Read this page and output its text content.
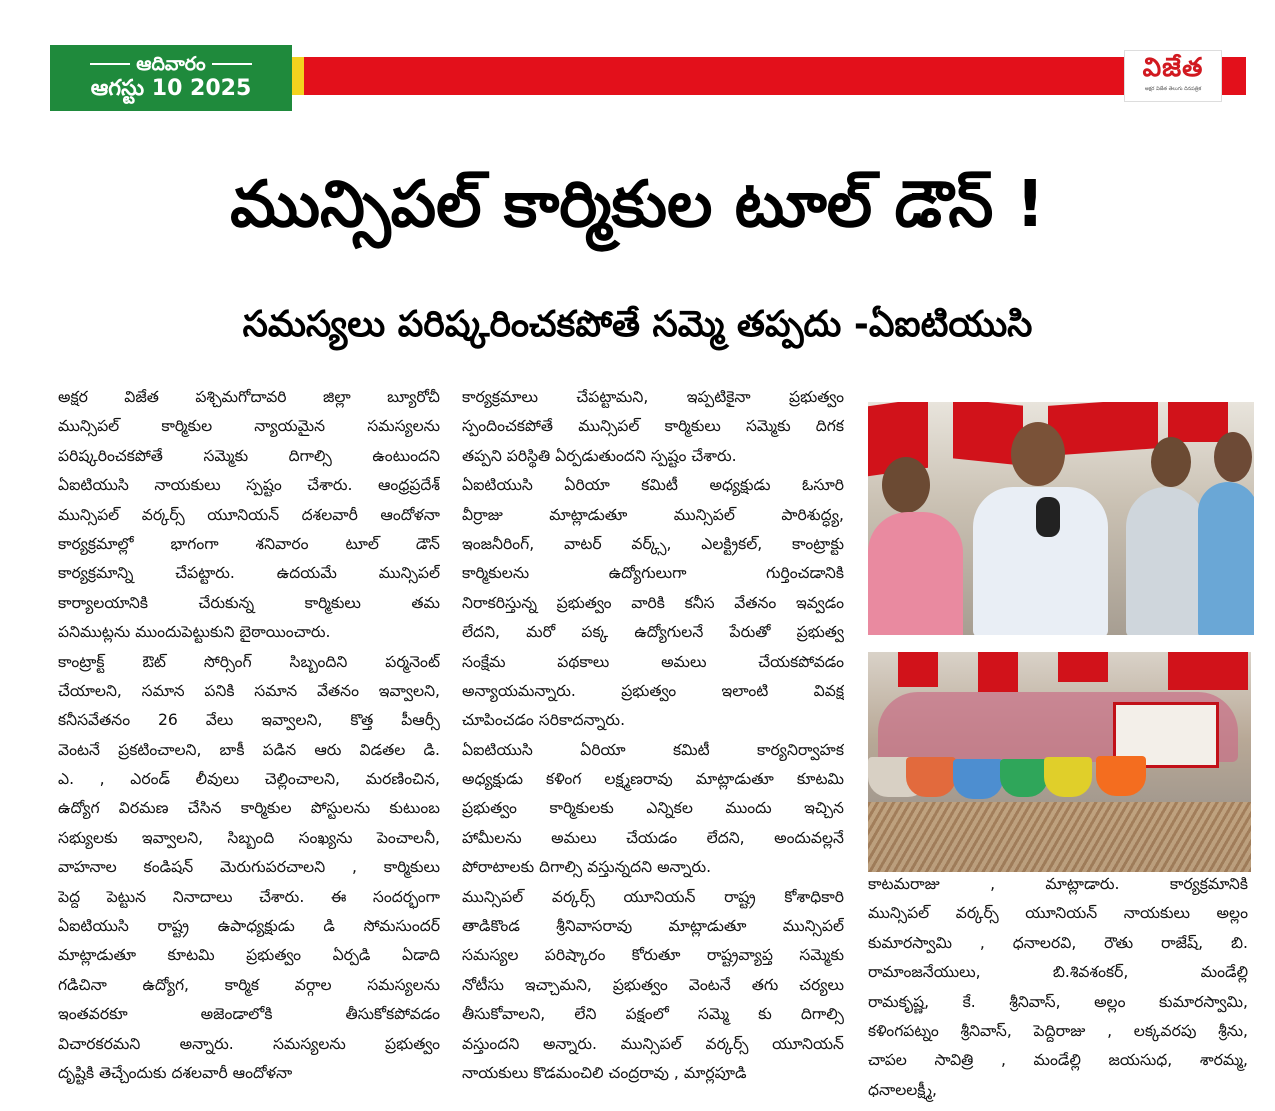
ఆదివారం
ఆగస్టు 10 2025
విజేత
అక్షర విజేత తెలుగు దినపత్రిక
మున్సిపల్ కార్మికుల టూల్ డౌన్ !
సమస్యలు పరిష్కరించకపోతే సమ్మె తప్పదు -ఏఐటియుసి
అక్షర విజేత పశ్చిమగోదావరి జిల్లా బ్యూరోచీ
మున్సిపల్ కార్మికుల న్యాయమైన సమస్యలను
పరిష్కరించకపోతే సమ్మెకు దిగాల్సి ఉంటుందని
ఏఐటియుసి నాయకులు స్పష్టం చేశారు. ఆంధ్రప్రదేశ్
మున్సిపల్ వర్కర్స్ యూనియన్ దశలవారీ ఆందోళనా
కార్యక్రమాల్లో భాగంగా శనివారం టూల్ డౌన్
కార్యక్రమాన్ని చేపట్టారు. ఉదయమే మున్సిపల్
కార్యాలయానికి చేరుకున్న కార్మికులు తమ
పనిముట్లను ముందుపెట్టుకుని బైఠాయించారు.
కాంట్రాక్ట్ ఔట్ సోర్సింగ్ సిబ్బందిని పర్మనెంట్
చేయాలని, సమాన పనికి సమాన వేతనం ఇవ్వాలని,
కనీసవేతనం 26 వేలు ఇవ్వాలని, కొత్త పీఆర్సీ
వెంటనే ప్రకటించాలని, బాకీ పడిన ఆరు విడతల డి.
ఎ. , ఎరండ్ లీవులు చెల్లించాలని, మరణించిన,
ఉద్యోగ విరమణ చేసిన కార్మికుల పోస్టులను కుటుంబ
సభ్యులకు ఇవ్వాలని, సిబ్బంది సంఖ్యను పెంచాలనీ,
వాహనాల కండిషన్ మెరుగుపరచాలని , కార్మికులు
పెద్ద పెట్టున నినాదాలు చేశారు. ఈ సందర్భంగా
ఏఐటియుసి రాష్ట్ర ఉపాధ్యక్షుడు డి సోమసుందర్
మాట్లాడుతూ కూటమి ప్రభుత్వం ఏర్పడి ఏడాది
గడిచినా ఉద్యోగ, కార్మిక వర్గాల సమస్యలను
ఇంతవరకూ అజెండాలోకి తీసుకోకపోవడం
విచారకరమని అన్నారు. సమస్యలను ప్రభుత్వం
దృష్టికి తెచ్చేందుకు దశలవారీ ఆందోళనా
కార్యక్రమాలు చేపట్టామని, ఇప్పటికైనా ప్రభుత్వం
స్పందించకపోతే మున్సిపల్ కార్మికులు సమ్మెకు దిగక
తప్పని పరిస్థితి ఏర్పడుతుందని స్పష్టం చేశారు.
ఏఐటియుసి ఏరియా కమిటీ అధ్యక్షుడు ఓసూరి
వీర్రాజు మాట్లాడుతూ మున్సిపల్ పారిశుద్ధ్య,
ఇంజనీరింగ్, వాటర్ వర్క్స్, ఎలక్ట్రికల్, కాంట్రాక్టు
కార్మికులను ఉద్యోగులుగా గుర్తించడానికి
నిరాకరిస్తున్న ప్రభుత్వం వారికి కనీస వేతనం ఇవ్వడం
లేదని, మరో పక్క ఉద్యోగులనే పేరుతో ప్రభుత్వ
సంక్షేమ పథకాలు అమలు చేయకపోవడం
అన్యాయమన్నారు. ప్రభుత్వం ఇలాంటి వివక్ష
చూపించడం సరికాదన్నారు.
ఏఐటియుసి ఏరియా కమిటీ కార్యనిర్వాహక
అధ్యక్షుడు కళింగ లక్ష్మణరావు మాట్లాడుతూ కూటమి
ప్రభుత్వం కార్మికులకు ఎన్నికల ముందు ఇచ్చిన
హామీలను అమలు చేయడం లేదని, అందువల్లనే
పోరాటాలకు దిగాల్సి వస్తున్నదని అన్నారు.
మున్సిపల్ వర్కర్స్ యూనియన్ రాష్ట్ర కోశాధికారి
తాడికొండ శ్రీనివాసరావు మాట్లాడుతూ మున్సిపల్
సమస్యల పరిష్కారం కోరుతూ రాష్ట్రవ్యాప్త సమ్మెకు
నోటీసు ఇచ్చామని, ప్రభుత్వం వెంటనే తగు చర్యలు
తీసుకోవాలని, లేని పక్షంలో సమ్మె కు దిగాల్సి
వస్తుందని అన్నారు. మున్సిపల్ వర్కర్స్ యూనియన్
నాయకులు కొడమంచిలి చంద్రరావు , మార్లపూడి
కాటమరాజు , మాట్లాడారు. కార్యక్రమానికి
మున్సిపల్ వర్కర్స్ యూనియన్ నాయకులు అల్లం
కుమారస్వామి , ధనాలరవి, రౌతు రాజేష్, బి.
రామాంజనేయులు, బి.శివశంకర్, మండేల్లి
రామకృష్ణ, కే. శ్రీనివాస్, అల్లం కుమారస్వామి,
కళింగపట్నం శ్రీనివాస్, పెద్దిరాజు , లక్కవరపు శ్రీను,
చాపల సావిత్రి , మండేల్లి జయసుధ, శారమ్మ,
ధనాలలక్ష్మీ,
